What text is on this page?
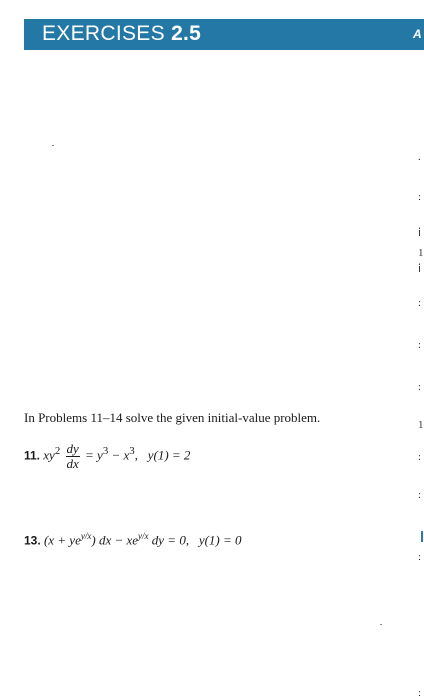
EXERCISES 2.5	A
In Problems 11–14 solve the given initial-value problem.
11. $xy^2 \frac{dy}{dx} = y^3 - x^3$, y(1) = 2
13. $(x + ye^{y/x})$ dx − $xe^{y/x}$ dy = 0, y(1) = 0
.
:
ⅰ
1
ⅰ
:
:
:
1
:
:
:
:
